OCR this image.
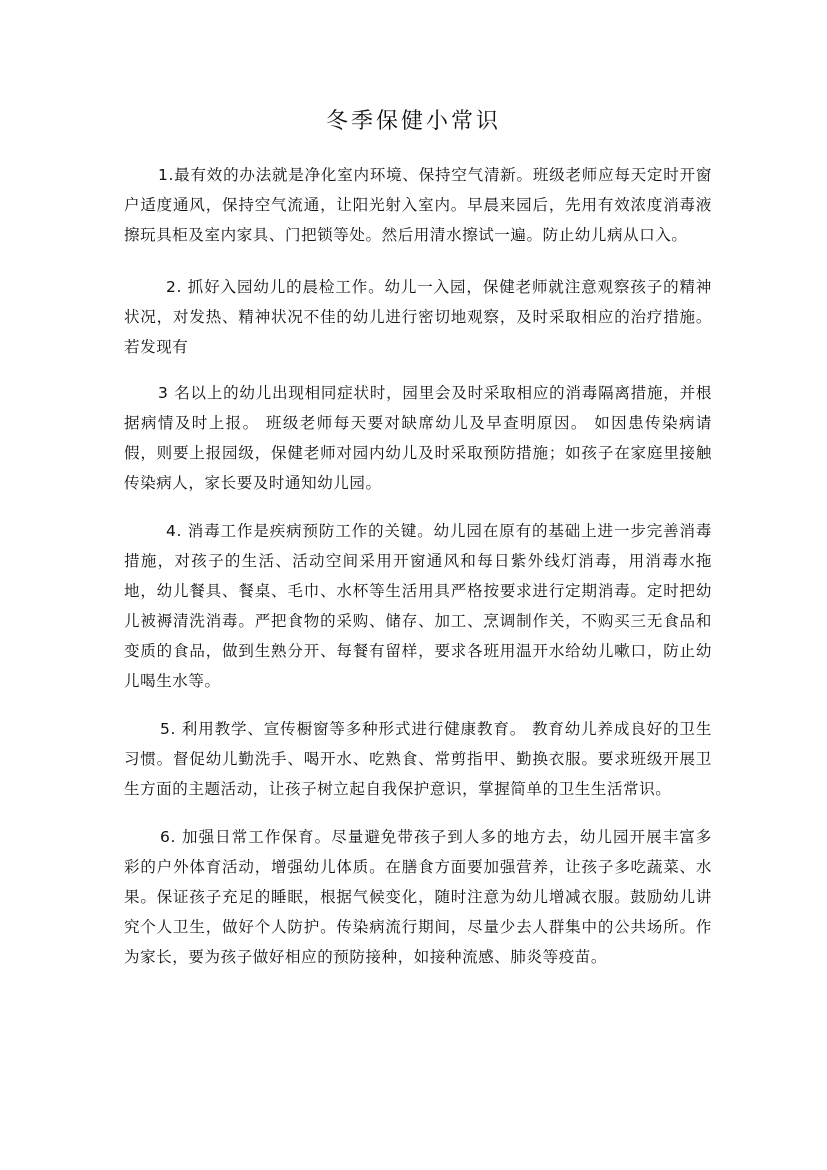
冬季保健小常识

1.最有效的办法就是净化室内环境、保持空气清新。班级老师应每天定时开窗户适度通风，保持空气流通，让阳光射入室内。早晨来园后，先用有效浓度消毒液擦玩具柜及室内家具、门把锁等处。然后用清水擦试一遍。防止幼儿病从口入。

2. 抓好入园幼儿的晨检工作。幼儿一入园，保健老师就注意观察孩子的精神状况，对发热、精神状况不佳的幼儿进行密切地观察，及时采取相应的治疗措施。若发现有

3 名以上的幼儿出现相同症状时，园里会及时采取相应的消毒隔离措施，并根据病情及时上报。 班级老师每天要对缺席幼儿及早查明原因。 如因患传染病请假，则要上报园级，保健老师对园内幼儿及时采取预防措施；如孩子在家庭里接触传染病人，家长要及时通知幼儿园。

4. 消毒工作是疾病预防工作的关键。幼儿园在原有的基础上进一步完善消毒措施，对孩子的生活、活动空间采用开窗通风和每日紫外线灯消毒，用消毒水拖地，幼儿餐具、餐桌、毛巾、水杯等生活用具严格按要求进行定期消毒。定时把幼儿被褥清洗消毒。严把食物的采购、储存、加工、烹调制作关，不购买三无食品和变质的食品，做到生熟分开、每餐有留样，要求各班用温开水给幼儿嗽口，防止幼儿喝生水等。

5. 利用教学、宣传橱窗等多种形式进行健康教育。 教育幼儿养成良好的卫生习惯。督促幼儿勤洗手、喝开水、吃熟食、常剪指甲、勤换衣服。要求班级开展卫生方面的主题活动，让孩子树立起自我保护意识，掌握简单的卫生生活常识。

6. 加强日常工作保育。尽量避免带孩子到人多的地方去，幼儿园开展丰富多彩的户外体育活动，增强幼儿体质。在膳食方面要加强营养，让孩子多吃蔬菜、水果。保证孩子充足的睡眠，根据气候变化，随时注意为幼儿增减衣服。鼓励幼儿讲究个人卫生，做好个人防护。传染病流行期间，尽量少去人群集中的公共场所。作为家长，要为孩子做好相应的预防接种，如接种流感、肺炎等疫苗。
